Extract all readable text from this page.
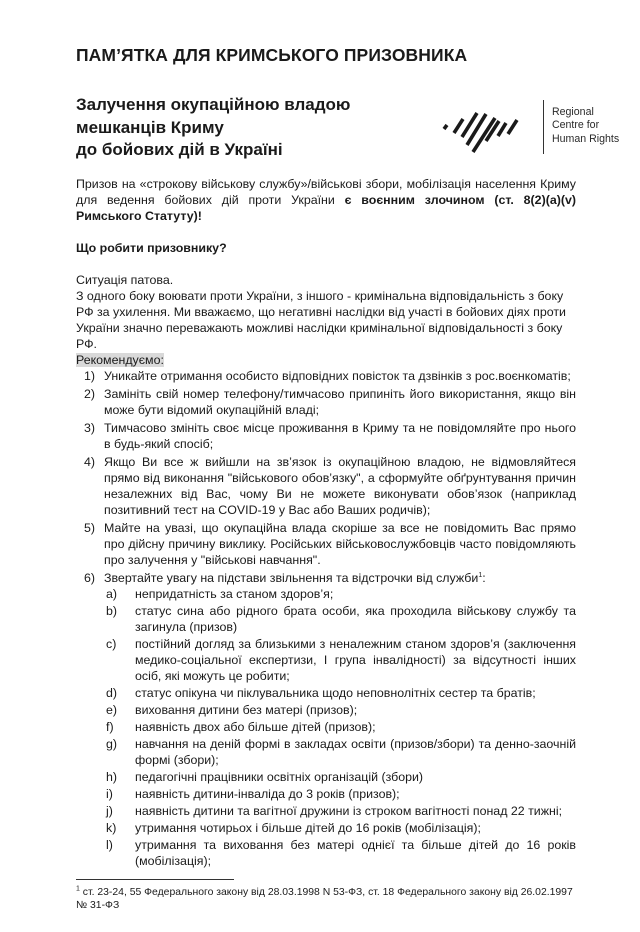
ПАМ’ЯТКА ДЛЯ КРИМСЬКОГО ПРИЗОВНИКА
Залучення окупаційною владою
мешканців Криму
до бойових дій в Україні
Regional
Centre for
Human Rights

Призов на «строкову військову службу»/військові збори, мобілізація населення Криму для ведення бойових дій проти України є воєнним злочином (ст. 8(2)(a)(v) Римського Статуту)!

Що робити призовнику?

Ситуація патова.

З одного боку воювати проти України, з іншого - кримінальна відповідальність з боку РФ за ухилення. Ми вважаємо, що негативні наслідки від участі в бойових діях проти України значно переважають можливі наслідки кримінальної відповідальності з боку РФ.

Рекомендуємо:

1) Уникайте отримання особисто відповідних повісток та дзвінків з рос.воєнкоматів;
2) Замініть свій номер телефону/тимчасово припиніть його використання, якщо він може бути відомий окупаційній владі;
3) Тимчасово змініть своє місце проживання в Криму та не повідомляйте про нього в будь-який спосіб;
4) Якщо Ви все ж вийшли на зв’язок із окупаційною владою, не відмовляйтеся прямо від виконання "військового обов’язку", а сформуйте обґрунтування причин незалежних від Вас, чому Ви не можете виконувати обов’язок (наприклад позитивний тест на COVID-19 у Вас або Ваших родичів);
5) Майте на увазі, що окупаційна влада скоріше за все не повідомить Вас прямо про дійсну причину виклику. Російських військовослужбовців часто повідомляють про залучення у "військові навчання".
6) Звертайте увагу на підстави звільнення та відстрочки від служби$^1$:
a) непридатність за станом здоров’я;
b) статус сина або рідного брата особи, яка проходила військову службу та загинула (призов)
c) постійний догляд за близькими з неналежним станом здоров’я (заключення медико-соціальної експертизи, I група інвалідності) за відсутності інших осіб, які можуть це робити;
d) статус опікуна чи піклувальника щодо неповнолітніх сестер та братів;
e) виховання дитини без матері (призов);
f) наявність двох або більше дітей (призов);
g) навчання на деній формі в закладах освіти (призов/збори) та денно-заочній формі (збори);
h) педагогічні працівники освітніх організацій (збори)
i) наявність дитини-інваліда до 3 років (призов);
j) наявність дитини та вагітної дружини із строком вагітності понад 22 тижні;
k) утримання чотирьох і більше дітей до 16 років (мобілізація);
l) утримання та виховання без матері однієї та більше дітей до 16 років (мобілізація);

$^1$ ст. 23-24, 55 Федерального закону від 28.03.1998 N 53-ФЗ, ст. 18 Федерального закону від 26.02.1997 № 31-ФЗ
